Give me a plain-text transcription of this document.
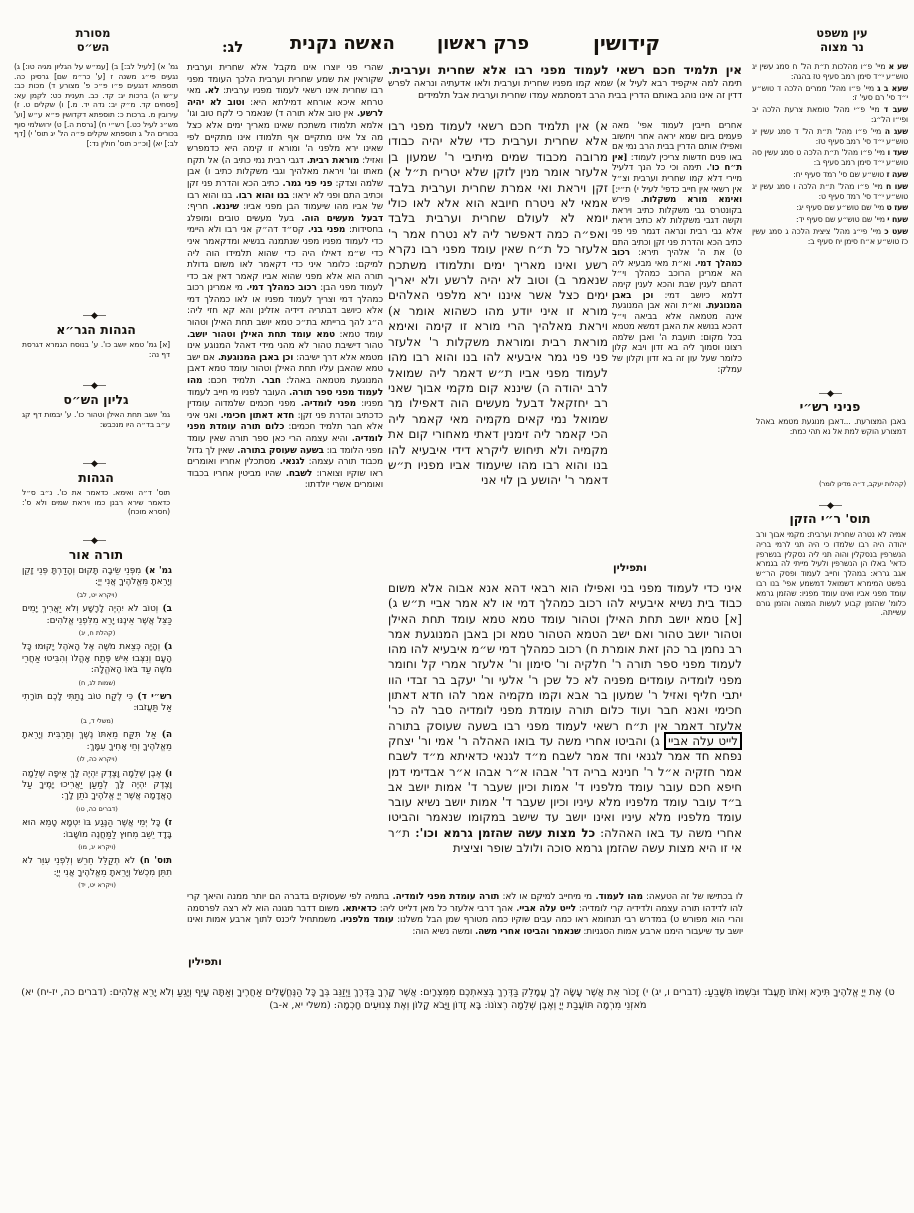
מסורת
הש״ס	לג:	האשה נקנית פרק ראשון	קידושין	עין משפט
נר מצוה
שע א מיי' פ״ו מהלכות ת״ת הל' ח סמג עשין יג טוש״ע י״ד סימן רמב סעיף טז בהגה:
שעא ב ג מיי' פ״ו מהל' ממרים הלכה ד טוש״ע י״ד סי' רם סעי' ז:
שעב ד מיי' פ״י מהל' טומאת צרעת הלכה יב ופי״ו הל״ג:
שעג ה מיי' פ״ו מהל' ת״ת הל' ד סמג עשין יג טוש״ע י״ד סי' רמב סעיף טז:
שעד ו מיי' פ״ו מהל' ת״ת הלכה ט סמג עשין סה טוש״ע י״ד סימן רמב סעיף ב:
שעה ז טוש״ע שם סי' רמד סעיף יח:
שעו ח מיי' פ״ו מהל' ת״ת הלכה ו סמג עשין יג טוש״ע י״ד סי' רמד סעיף ט:
שעז ט מיי' שם טוש״ע שם סעיף יג:
שעח י מיי' שם טוש״ע שם סעיף יד:
שעט כ מיי' פי״ג מהל' ציצית הלכה ג סמג עשין כז טוש״ע א״ח סימן יח סעיף ב:
―◆―
פניני רש״י
באבן המצורעת. ...דאבן מנוגעת מטמא באהל דמצורע הוקש למת אל נא תהי כמת:
(קהלות יעקב, ד״ה מדינן לומר)
―◆―
תוס' ר״י הזקן
אמיה לא נטרה שחרית וערבית: מקמי אבוך ורב יהודה היה רבו שלמדו כי היה תני לרמי בריה הנשרפין בנסקלין והוה תני ליה נסקלין בנשרפין כדאי' באלו הן הנשרפין ולעיל מייתי לה בגמרא אגב גררא: במהלך וחייב לעמוד ופסק הר״ש בפשט המימרא דשמואל דמשמע אפי' בנו רבו עומד מפני אביו ואינו עומד מפניו: שהזמן גרמא כלומ' שהזמן קבוע לעשות המצוה והזמן גורם עשייתה.
גמ' א) [לעיל לב:] ב) [עמ״ש על הגליון מגיה טו:] ג) נגעים פי״ג משנה ז [ע' כר״מ שם] גרסינן כה. תוספתא דנגעים פ״ו פ״כ פ' מצורע ד) מכות כב: ע״ש ה) ברכות יג: קד. כב. תענית כט: לקמן עא: [פסחים קד. מ״ק יב: נדה יד. מ.] ו) שקלים ט. ז) עירובין מ. ברכות כ: תוספתא דקדושין פ״א ע״ש [וע' מש״נ לעיל כט.] רש״י ח) [גרסת ה.] ט) ירושלמי סוף בכורים הל' ג תוספתא שקלים פ״ה הל' יג תוס' י) [דף לב:] יא) [וכ״כ תוס' חולין נד:]
―◆―
הגהות הגר״א
[א] גמ' טמא יושב כו'. ע' בנוסח הגמרא דגרסת דף נה:
―◆―
גליון הש״ס
גמ' יושב תחת האילן וטהור כו'. ע' יבמות דף קג ע״ב בד״ה היו מנכבש:
―◆―
הגהות
תוס' ד״ה ואימא. כדאמר את כו'. נ״ב ס״ל כדאמר שירא רבנן כמו ויראת שמים ולא ס': (חסרא מוכח)
―◆―
תורה אור
גמ' א)מִפְּנֵי שֵׂיבָה תָּקוּם וְהָדַרְתָּ פְּנֵי זָקֵן וְיָרֵאתָ מֵּאֱלֹהֶיךָ אֲנִי יְיָ:
(ויקרא יט, לב)
ב)וְטוֹב לֹא יִהְיֶה לָרָשָׁע וְלֹא יַאֲרִיךְ יָמִים כַּצֵּל אֲשֶׁר אֵינֶנּוּ יָרֵא מִלִּפְנֵי אֱלֹהִים:
(קהלת ח, יג)
ג)וְהָיָה כְּצֵאת מֹשֶׁה אֶל הָאֹהֶל יָקוּמוּ כָּל הָעָם וְנִצְּבוּ אִישׁ פֶּתַח אָהֳלוֹ וְהִבִּיטוּ אַחֲרֵי מֹשֶׁה עַד בֹּאוֹ הָאֹהֱלָה:
(שמות לג, ח)
רש״י ד)כִּי לֶקַח טוֹב נָתַתִּי לָכֶם תּוֹרָתִי אַל תַּעֲזֹבוּ:
(משלי ד, ב)
ה)אַל תִּקַּח מֵאִתּוֹ נֶשֶׁךְ וְתַרְבִּית וְיָרֵאתָ מֵאֱלֹהֶיךָ וְחֵי אָחִיךָ עִמָּךְ:
(ויקרא כה, לו)
ו)אֶבֶן שְׁלֵמָה וָצֶדֶק יִהְיֶה לָּךְ אֵיפָה שְׁלֵמָה וָצֶדֶק יִהְיֶה לָּךְ לְמַעַן יַאֲרִיכוּ יָמֶיךָ עַל הָאֲדָמָה אֲשֶׁר יְיָ אֱלֹהֶיךָ נֹתֵן לָךְ:
(דברים כה, טו)
ז)כָּל יְמֵי אֲשֶׁר הַנֶּגַע בּוֹ יִטְמָא טָמֵא הוּא בָּדָד יֵשֵׁב מִחוּץ לַמַּחֲנֶה מוֹשָׁבוֹ:
(ויקרא יג, מו)
תוס' ח)לֹא תְקַלֵּל חֵרֵשׁ וְלִפְנֵי עִוֵּר לֹא תִתֵּן מִכְשֹׁל וְיָרֵאתָ מֵאֱלֹהֶיךָ אֲנִי יְיָ:
(ויקרא יט, יד)
שהרי פני יוצרו אינו מקבל אלא שחרית וערבית שקוראין את שמע שחרית וערבית הלכך העומד מפני רבו שחרית אינו רשאי לעמוד מפניו ערבית:לא.מאי טרחא איכא אורחא דמילתא היא:וטוב לא יהיה לרשע.אין טוב אלא תורה ד) שנאמר כי לקח טוב וגו' אלמא תלמודו משתכח שאינו מאריך ימים אלא כצל מה צל אינו מתקיים אף תלמודו אינו מתקיים לפי שאינו ירא מלפני ה' ומורא זו קימה היא כדמפרש ואזיל:מוראת רבית.דגבי רבית נמי כתיב ה) אל תקח מאתו וגו' ויראת מאלהיך וגבי משקלות כתיב ו) אבן שלמה וצדק:פני פני גמר.כתיב הכא והדרת פני זקן וכתיב התם ופני לא יראו:בנו והוא רבו.בנו והוא רבו של אביו מהו שיעמוד הבן מפני אביו:שיננא.חריף:דבעל מעשים הוה.בעל מעשים טובים ומופלג בחסידות:מפני בני.קס״ד דה״ק אני רבו ולא היימי כדי לעמוד מפניו מפני שנתמנה בנשיא ומדקאמר איני כדי ש״מ דאילו היה כדי שהוא תלמידו הוה ליה למיקם: כלומר איני כדי דקאמר לאו משום גדולת תורה הוא אלא מפני שהוא אביו קאמר דאין אב כדי לעמוד מפני הבן:רכוב כמהלך דמי.מי אמרינן רכוב כמהלך דמי וצריך לעמוד מפניו או לאו כמהלך דמי אלא כיושב דבתריה דידיה אזלינן והא קא חזי ליה: ה״ג להך ברייתא בת״כ טמא יושב תחת האילן וטהור עומד טמא:טמא עומד תחת האילן וטהור יושב.טהור דישיבת טהור לא מהני מידי דאהל המנוגע אינו מטמא אלא דרך ישיבה:וכן באבן המנוגעת.אם ישב טמא שהאבן עליו תחת האילן וטהור עומד טמא דאבן המנוגעת מטמאה באהל:חבר.תלמיד חכם:מהו לעמוד מפני ספר תורה.העובר לפניו מי חייב לעמוד מפניו:מפני לומדיה.מפני חכמים שלמדוה עומדין כדכתיב והדרת פני זקן:חדא דאתון חכימי.ואני איני אלא חבר תלמיד חכמים:כלום תורה עומדת מפני לומדיה.והיא עצמה הרי כאן ספר תורה שאין עומד מפני הלומד בו:בשעה שעוסק בתורה.שאין לך גדול מכבוד תורה עצמה:לגנאי.מסתכלין אחריו ואומרים ראו שוקיו וצוארו:לשבח.שהיו מביטין אחריו בכבוד ואומרים אשרי יולדתו:
אין תלמיד חכם רשאי לעמוד מפני רבו אלא שחרית וערבית.
תימה למה איקפיד רבא לעיל א) שמא קמו מפניו שחרית וערבית ולאו אדעתיה ונראה לפרש דדין זה אינו נוהג באותם הדרין בבית הרב דמסתמא עמדו שחרית וערבית אבל תלמידים
א) אין תלמיד חכם רשאי לעמוד מפני רבו אלא שחרית וערבית כדי שלא יהיה כבודו מרובה מכבוד שמים מיתיבי ר' שמעון בן אלעזר אומר מנין לזקן שלא יטריח ת״ל א) זקן ויראת ואי אמרת שחרית וערבית בלבד אמאי לא ניטרח חיובא הוא אלא לאו כולי יומא לא לעולם שחרית וערבית בלבד ואפ״ה כמה דאפשר ליה לא נטרח אמר ר' אלעזר כל ת״ח שאין עומד מפני רבו נקרא רשע ואינו מאריך ימים ותלמודו משתכח שנאמר ב) וטוב לא יהיה לרשע ולא יאריך ימים כצל אשר איננו ירא מלפני האלהים מורא זו איני יודע מהו כשהוא אומר א) ויראת מאלהיך הרי מורא זו קימה ואימא מוראת רבית ומוראת משקלות ר' אלעזר פני פני גמר איבעיא להו בנו והוא רבו מהו לעמוד מפני אביו ת״ש דאמר ליה שמואל לרב יהודה ה) שיננא קום מקמי אבוך שאני רב יחזקאל דבעל מעשים הוה דאפילו מר שמואל נמי קאים מקמיה מאי קאמר ליה הכי קאמר ליה זימנין דאתי מאחורי קום את מקמיה ולא תיחוש ליקרא דידי איבעיא להו בנו והוא רבו מהו שיעמוד אביו מפניו ת״ש דאמר ר' יהושע בן לוי אני
אחרים חייבין לעמוד אפי' מאה פעמים ביום שמא יראה אחר ויחשוב ואפילו אותם הדרין בבית הרב נמי אם באו פנים חדשות צריכין לעמוד:[אין ת״ח כו'.תימה וכי כל הנך דלעיל מיירי דלא קמו שחרית וערבית וצ״ל אין רשאי אין חייב כדפי' לעיל י) ת״י:]ואימא מורא משקלות.פירש בקונטרס גבי משקלות כתיב ויראת וקשה דגבי משקלות לא כתיב ויראת אלא גבי רבית ונראה דגמר פני פני כתיב הכא והדרת פני זקן וכתיב התם ט) את ה' אלהיך תירא:רכוב כמהלך דמי.וא״ת מאי מבעיא ליה הא אמרינן הרוכב כמהלך וי״ל דהתם לענין שבת והכא לענין קימה דלמא כיושב דמי:וכן באבן המנוגעת.וא״ת והא אבן המנוגעת אינה מטמאה אלא בביאה וי״ל דהכא בנושא את האבן דמשא מטמא בכל מקום:תועבת ה' ואבן שלמה רצונו וסמוך ליה בא זדון ויבא קלון כלומר שעל עון זה בא זדון וקלון של עמלק:
ותפילין
איני כדי לעמוד מפני בני ואפילו הוא רבאי דהא אנא אבוה אלא משום כבוד בית נשיא איבעיא להו רכוב כמהלך דמי או לא אמר אביי ת״ש ג) [א] טמא יושב תחת האילן וטהור עומד טמא טמא עומד תחת האילן וטהור יושב טהור ואם ישב הטמא הטהור טמא וכן באבן המנוגעת אמר רב נחמן בר כהן זאת אומרת ח) רכוב כמהלך דמי ש״מ איבעיא להו מהו לעמוד מפני ספר תורה ר' חלקיה ור' סימון ור' אלעזר אמרי קל וחומר מפני לומדיה עומדים מפניה לא כל שכן ר' אלעי ור' יעקב בר זבדי הוו יתבי חליף ואזיל ר' שמעון בר אבא וקמו מקמיה אמר להו חדא דאתון חכימי ואנא חבר ועוד כלום תורה עומדת מפני לומדיה סבר לה כר' אלעזר דאמר אין ת״ח רשאי לעמוד מפני רבו בשעה שעוסק בתורה לייט עלה אביי ג) והביטו אחרי משה עד בואו האהלה ר' אמי ור' יצחק נפחא חד אמר לגנאי וחד אמר לשבח מ״ד לגנאי כדאיתא מ״ד לשבח אמר חזקיה א״ל ר' חנינא בריה דר' אבהו א״ר אבהו א״ר אבדימי דמן חיפא חכם עובר עומד מלפניו ד' אמות וכיון שעבר ד' אמות יושב אב ב״ד עובר עומד מלפניו מלא עיניו וכיון שעבר ד' אמות יושב נשיא עובר עומד מלפניו מלא עיניו ואינו יושב עד שישב במקומו שנאמר והביטו אחרי משה עד באו האהלה: כל מצות עשה שהזמן גרמא וכו':ת״ר אי זו היא מצות עשה שהזמן גרמא סוכה ולולב שופר וציצית
לו בכתישו של זה הטעאה:מהו לעמוד.מי מיחייב למיקם או לא:תורה עומדת מפני לומדיה.בתמיה לפי שעסוקים בדברה הם יותר ממנה והיאך קרי להו לדידהו תורה עצמה ולדידיה קרי לומדיה:לייט עלה אביי.אהך דרבי אלעזר כל מאן דלייט ליה:כדאיתא.משום דדבר מגונה הוא לא רצה לפרסמה והרי הוא מפורש ט) במדרש רבי תנחומא ראו כמה עבים שוקיו כמה מטורף שמן הבל משלנו:עומד מלפניו.משמתחיל ליכנס לתוך ארבע אמות ואינו יושב עד שיעבור הימנו ארבע אמות הסגניות:שנאמר והביטו אחרי משה.ומשה נשיא הוה:
ותפילין
ט) אֶת יְיָ אֱלֹהֶיךָ תִּירָא וְאֹתוֹ תַעֲבֹד וּבִשְׁמוֹ תִּשָּׁבֵעַ: (דברים ו, יג) י) זָכוֹר אֵת אֲשֶׁר עָשָׂה לְךָ עֲמָלֵק בַּדֶּרֶךְ בְּצֵאתְכֶם מִמִּצְרָיִם: אֲשֶׁר קָרְךָ בַּדֶּרֶךְ וַיְזַנֵּב בְּךָ כָּל הַנֶּחֱשָׁלִים אַחֲרֶיךָ וְאַתָּה עָיֵף וְיָגֵעַ וְלֹא יָרֵא אֱלֹהִים: (דברים כה, יז-יח) יא) מֹאזְנֵי מִרְמָה תּוֹעֲבַת יְיָ וְאֶבֶן שְׁלֵמָה רְצוֹנוֹ: בָּא זָדוֹן וַיָּבֹא קָלוֹן וְאֶת צְנוּעִים חָכְמָה: (משלי יא, א-ב)
